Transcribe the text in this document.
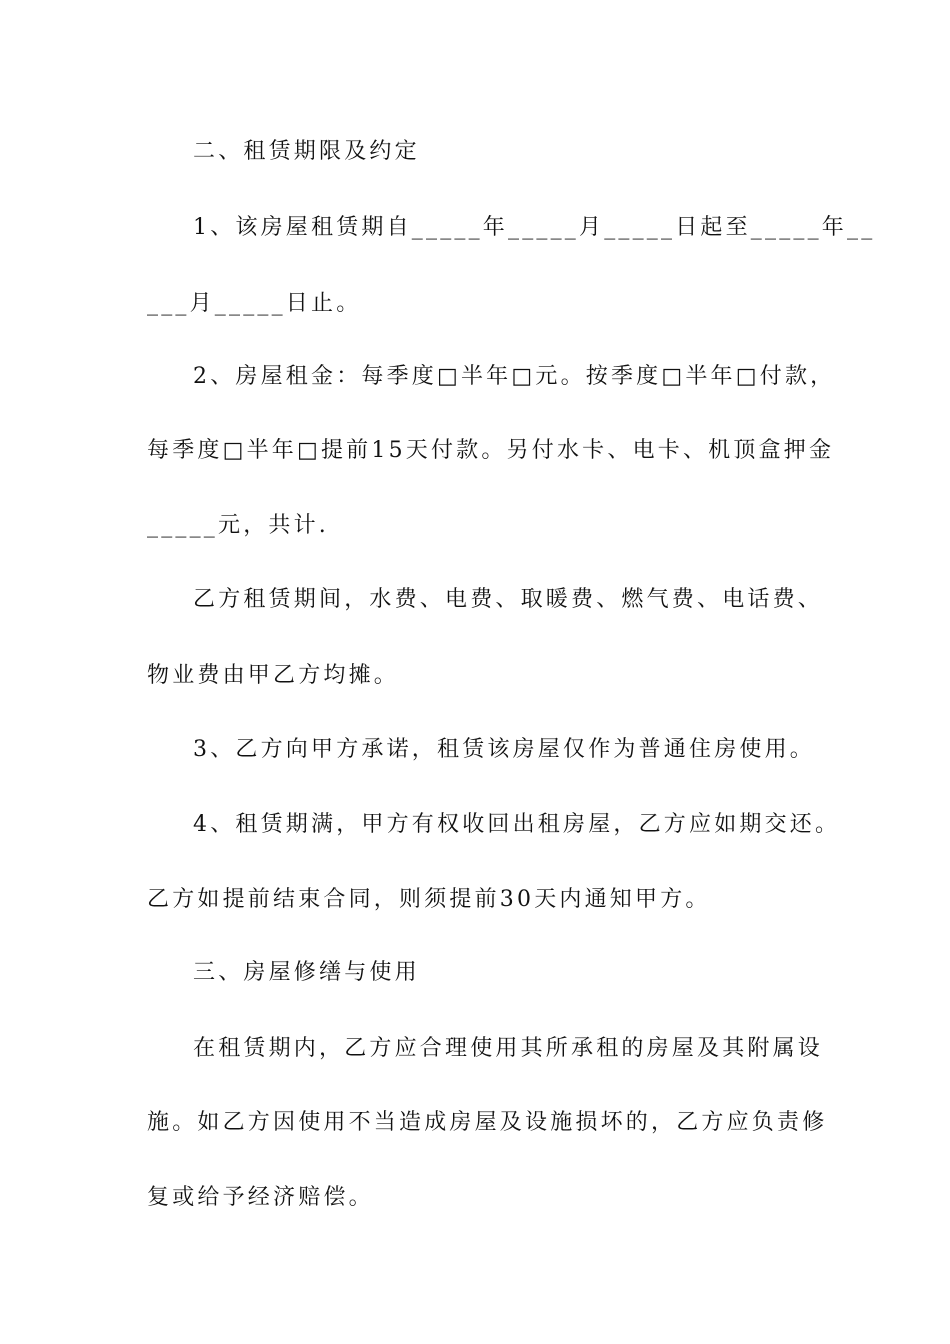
二、租赁期限及约定
1、该房屋租赁期自_____年_____月_____日起至_____年__
___月_____日止。
2、房屋租金：每季度□半年□元。按季度□半年□付款，
每季度□半年□提前15天付款。另付水卡、电卡、机顶盒押金
_____元，共计.
乙方租赁期间，水费、电费、取暖费、燃气费、电话费、
物业费由甲乙方均摊。
3、乙方向甲方承诺，租赁该房屋仅作为普通住房使用。
4、租赁期满，甲方有权收回出租房屋，乙方应如期交还。
乙方如提前结束合同，则须提前30天内通知甲方。
三、房屋修缮与使用
在租赁期内，乙方应合理使用其所承租的房屋及其附属设
施。如乙方因使用不当造成房屋及设施损坏的，乙方应负责修
复或给予经济赔偿。
